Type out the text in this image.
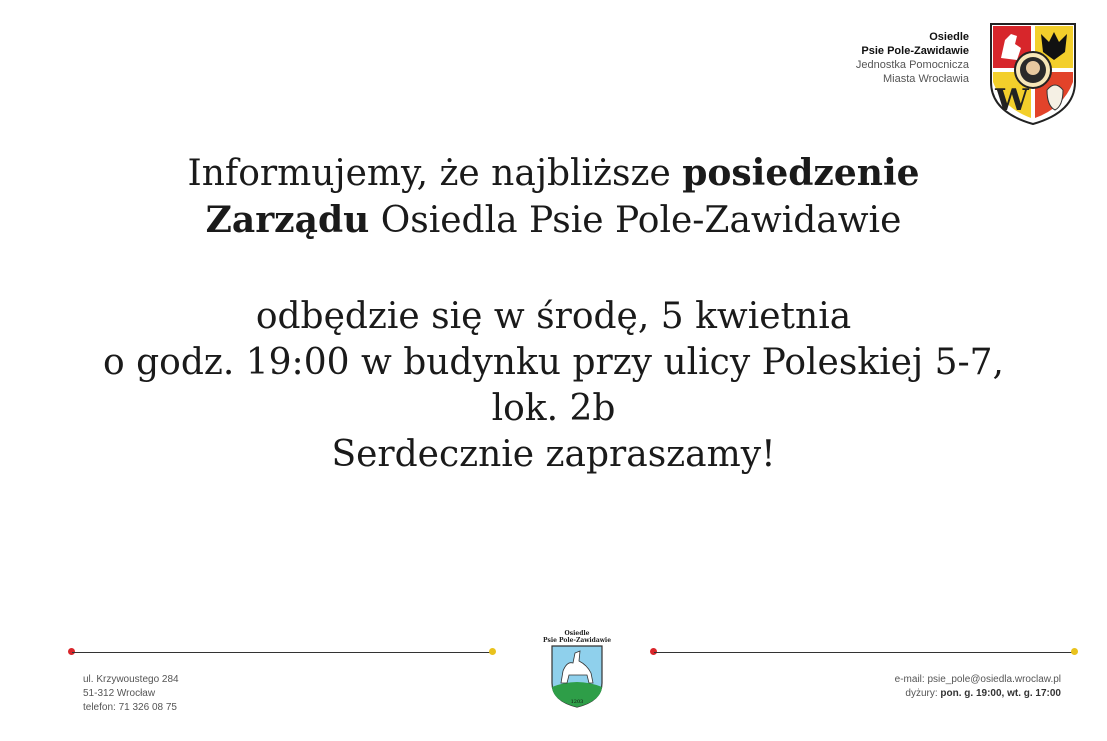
Osiedle
Psie Pole-Zawidawie
Jednostka Pomocnicza
Miasta Wrocławia
W

Informujemy, że najbliższe posiedzenie

Zarządu Osiedla Psie Pole-Zawidawie

odbędzie się w środę, 5 kwietnia

o godz. 19:00 w budynku przy ulicy Poleskiej 5-7,

lok. 2b

Serdecznie zapraszamy!

ul. Krzywoustego 284
51-312 Wrocław
telefon: 71 326 08 75
Osiedle
Psie Pole-Zawidawie
1203
e-mail: psie_pole@osiedla.wroclaw.pl
dyżury: pon. g. 19:00, wt. g. 17:00
